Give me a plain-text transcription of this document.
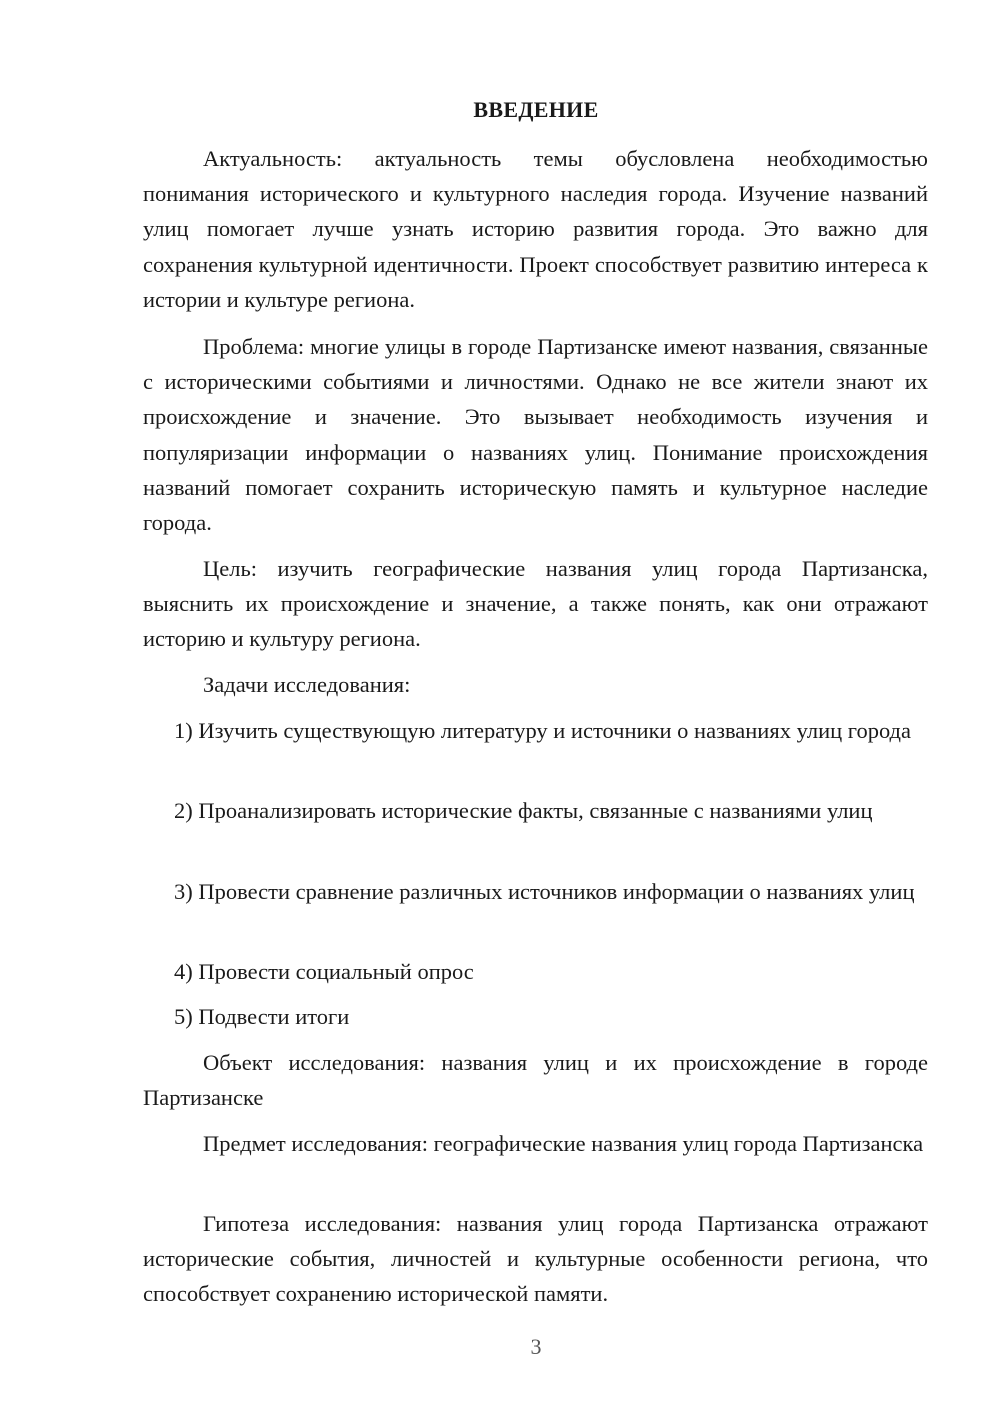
ВВЕДЕНИЕ

Актуальность: актуальность темы обусловлена необходимостью понимания исторического и культурного наследия города. Изучение названий улиц помогает лучше узнать историю развития города. Это важно для сохранения культурной идентичности. Проект способствует развитию интереса к истории и культуре региона.

Проблема: многие улицы в городе Партизанске имеют названия, связанные с историческими событиями и личностями. Однако не все жители знают их происхождение и значение. Это вызывает необходимость изучения и популяризации информации о названиях улиц. Понимание происхождения названий помогает сохранить историческую память и культурное наследие города.

Цель: изучить географические названия улиц города Партизанска, выяснить их происхождение и значение, а также понять, как они отражают историю и культуру региона.

Задачи исследования:

1) Изучить существующую литературу и источники о названиях улиц города

2) Проанализировать исторические факты, связанные с названиями улиц

3) Провести сравнение различных источников информации о названиях улиц

4) Провести социальный опрос

5) Подвести итоги

Объект исследования: названия улиц и их происхождение в городе Партизанске

Предмет исследования: географические названия улиц города Партизанска

Гипотеза исследования: названия улиц города Партизанска отражают исторические события, личностей и культурные особенности региона, что способствует сохранению исторической памяти.

3
